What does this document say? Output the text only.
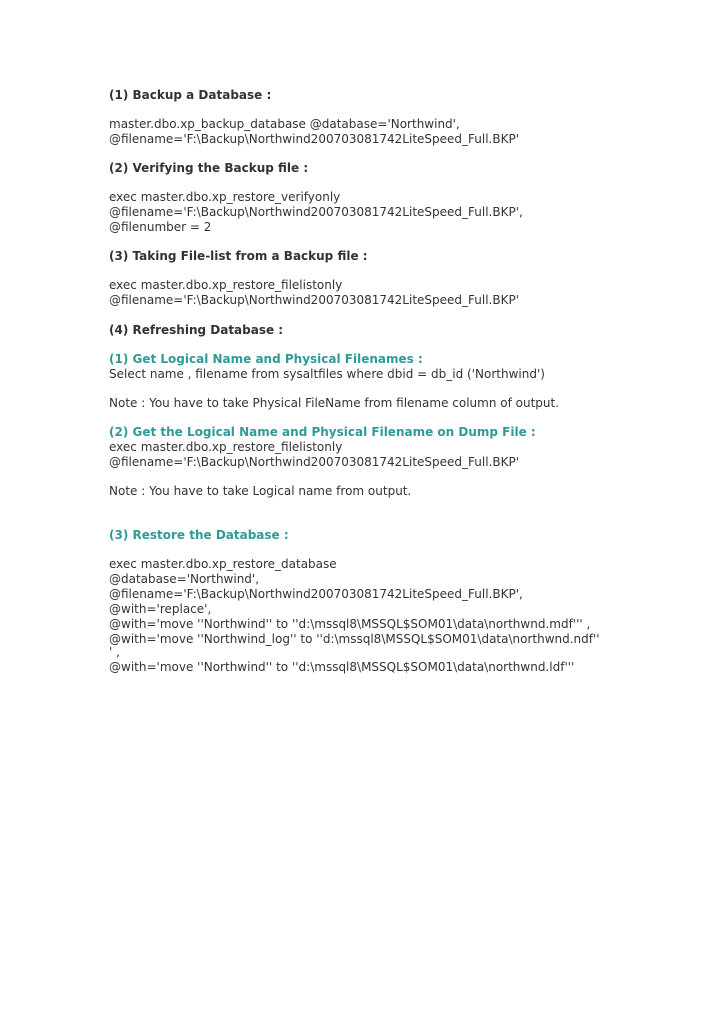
(1) Backup a Database :
master.dbo.xp_backup_database @database='Northwind',
@filename='F:\Backup\Northwind200703081742LiteSpeed_Full.BKP'
(2) Verifying the Backup file :
exec master.dbo.xp_restore_verifyonly
@filename='F:\Backup\Northwind200703081742LiteSpeed_Full.BKP',
@filenumber = 2
(3) Taking File-list from a Backup file :
exec master.dbo.xp_restore_filelistonly
@filename='F:\Backup\Northwind200703081742LiteSpeed_Full.BKP'
(4) Refreshing Database :
(1) Get Logical Name and Physical Filenames :
Select name , filename from sysaltfiles where dbid = db_id ('Northwind')
Note : You have to take Physical FileName from filename column of output.
(2) Get the Logical Name and Physical Filename on Dump File :
exec master.dbo.xp_restore_filelistonly
@filename='F:\Backup\Northwind200703081742LiteSpeed_Full.BKP'
Note : You have to take Logical name from output.
(3) Restore the Database :
exec master.dbo.xp_restore_database
@database='Northwind',
@filename='F:\Backup\Northwind200703081742LiteSpeed_Full.BKP',
@with='replace',
@with='move ''Northwind'' to ''d:\mssql8\MSSQL$SOM01\data\northwnd.mdf''' ,
@with='move ''Northwind_log'' to ''d:\mssql8\MSSQL$SOM01\data\northwnd.ndf''
' ,
@with='move ''Northwind'' to ''d:\mssql8\MSSQL$SOM01\data\northwnd.ldf'''
